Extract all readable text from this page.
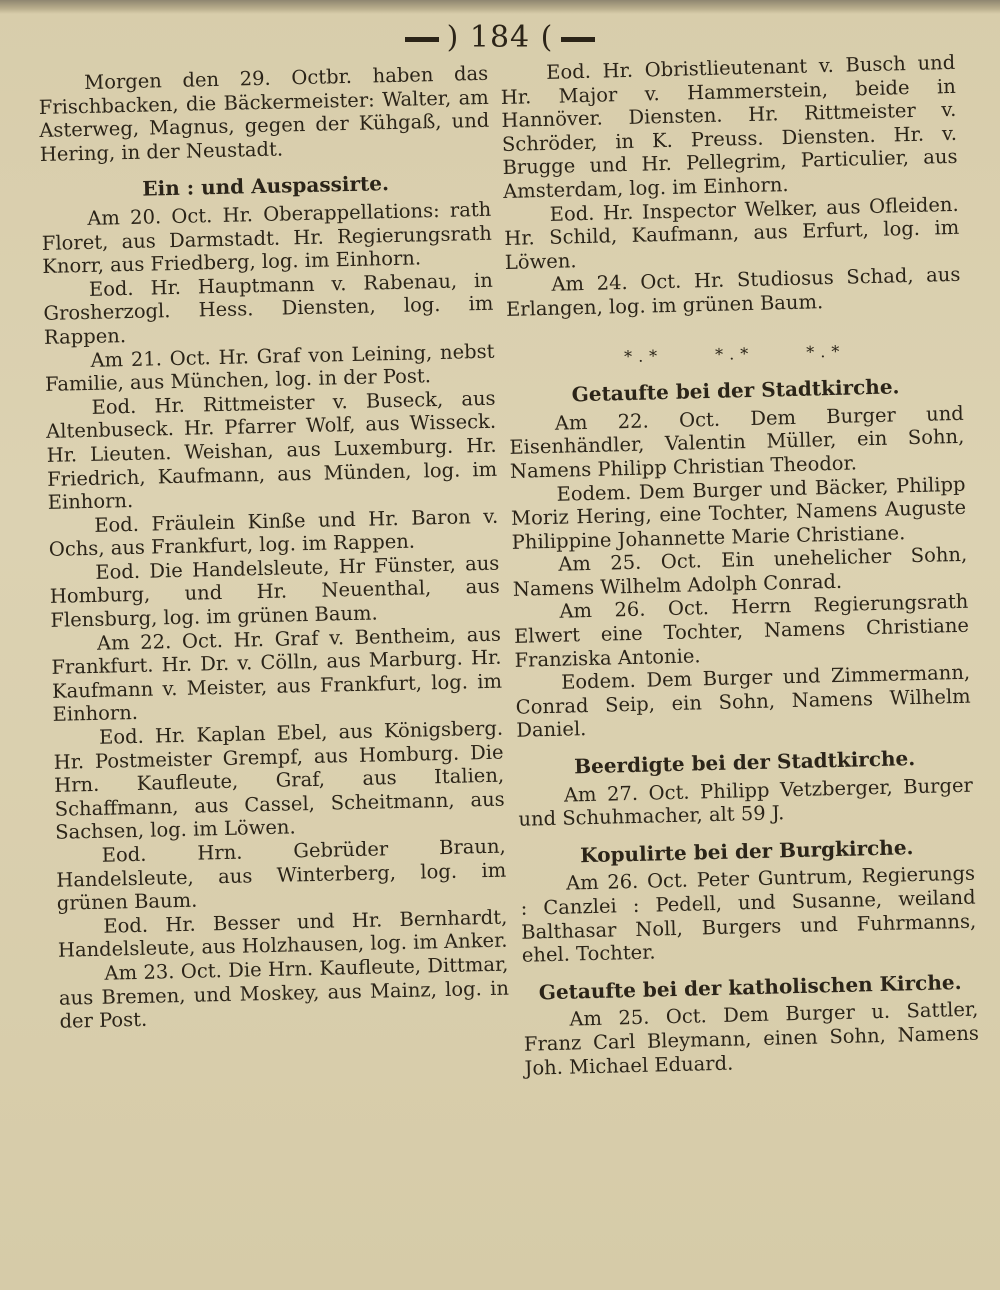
) 184 (

Morgen den 29. Octbr. haben das Frischbacken, die Bäckermeister: Walter, am Asterweg, Magnus, gegen der Kühgaß, und Hering, in der Neustadt.

Ein : und Auspassirte.

Am 20. Oct. Hr. Oberappellations: rath Floret, aus Darmstadt. Hr. Regierungsrath Knorr, aus Friedberg, log. im Einhorn.

Eod. Hr. Hauptmann v. Rabenau, in Grosherzogl. Hess. Diensten, log. im Rappen.

Am 21. Oct. Hr. Graf von Leining, nebst Familie, aus München, log. in der Post.

Eod. Hr. Rittmeister v. Buseck, aus Altenbuseck. Hr. Pfarrer Wolf, aus Wisseck. Hr. Lieuten. Weishan, aus Luxemburg. Hr. Friedrich, Kaufmann, aus Münden, log. im Einhorn.

Eod. Fräulein Kinße und Hr. Baron v. Ochs, aus Frankfurt, log. im Rappen.

Eod. Die Handelsleute, Hr Fünster, aus Homburg, und Hr. Neuenthal, aus Flensburg, log. im grünen Baum.

Am 22. Oct. Hr. Graf v. Bentheim, aus Frankfurt. Hr. Dr. v. Cölln, aus Marburg. Hr. Kaufmann v. Meister, aus Frankfurt, log. im Einhorn.

Eod. Hr. Kaplan Ebel, aus Königsberg. Hr. Postmeister Grempf, aus Homburg. Die Hrn. Kaufleute, Graf, aus Italien, Schaffmann, aus Cassel, Scheitmann, aus Sachsen, log. im Löwen.

Eod. Hrn. Gebrüder Braun, Handelsleute, aus Winterberg, log. im grünen Baum.

Eod. Hr. Besser und Hr. Bernhardt, Handelsleute, aus Holzhausen, log. im Anker.

Am 23. Oct. Die Hrn. Kaufleute, Dittmar, aus Bremen, und Moskey, aus Mainz, log. in der Post.

Eod. Hr. Obristlieutenant v. Busch und Hr. Major v. Hammerstein, beide in Hannöver. Diensten. Hr. Rittmeister v. Schröder, in K. Preuss. Diensten. Hr. v. Brugge und Hr. Pellegrim, Particulier, aus Amsterdam, log. im Einhorn.

Eod. Hr. Inspector Welker, aus Ofleiden. Hr. Schild, Kaufmann, aus Erfurt, log. im Löwen.

Am 24. Oct. Hr. Studiosus Schad, aus Erlangen, log. im grünen Baum.

*.*	*.*	*.*
Getaufte bei der Stadtkirche.

Am 22. Oct. Dem Burger und Eisenhändler, Valentin Müller, ein Sohn, Namens Philipp Christian Theodor.

Eodem. Dem Burger und Bäcker, Philipp Moriz Hering, eine Tochter, Namens Auguste Philippine Johannette Marie Christiane.

Am 25. Oct. Ein unehelicher Sohn, Namens Wilhelm Adolph Conrad.

Am 26. Oct. Herrn Regierungsrath Elwert eine Tochter, Namens Christiane Franziska Antonie.

Eodem. Dem Burger und Zimmermann, Conrad Seip, ein Sohn, Namens Wilhelm Daniel.

Beerdigte bei der Stadtkirche.

Am 27. Oct. Philipp Vetzberger, Burger und Schuhmacher, alt 59 J.

Kopulirte bei der Burgkirche.

Am 26. Oct. Peter Guntrum, Regierungs : Canzlei : Pedell, und Susanne, weiland Balthasar Noll, Burgers und Fuhrmanns, ehel. Tochter.

Getaufte bei der katholischen Kirche.

Am 25. Oct. Dem Burger u. Sattler, Franz Carl Bleymann, einen Sohn, Namens Joh. Michael Eduard.
